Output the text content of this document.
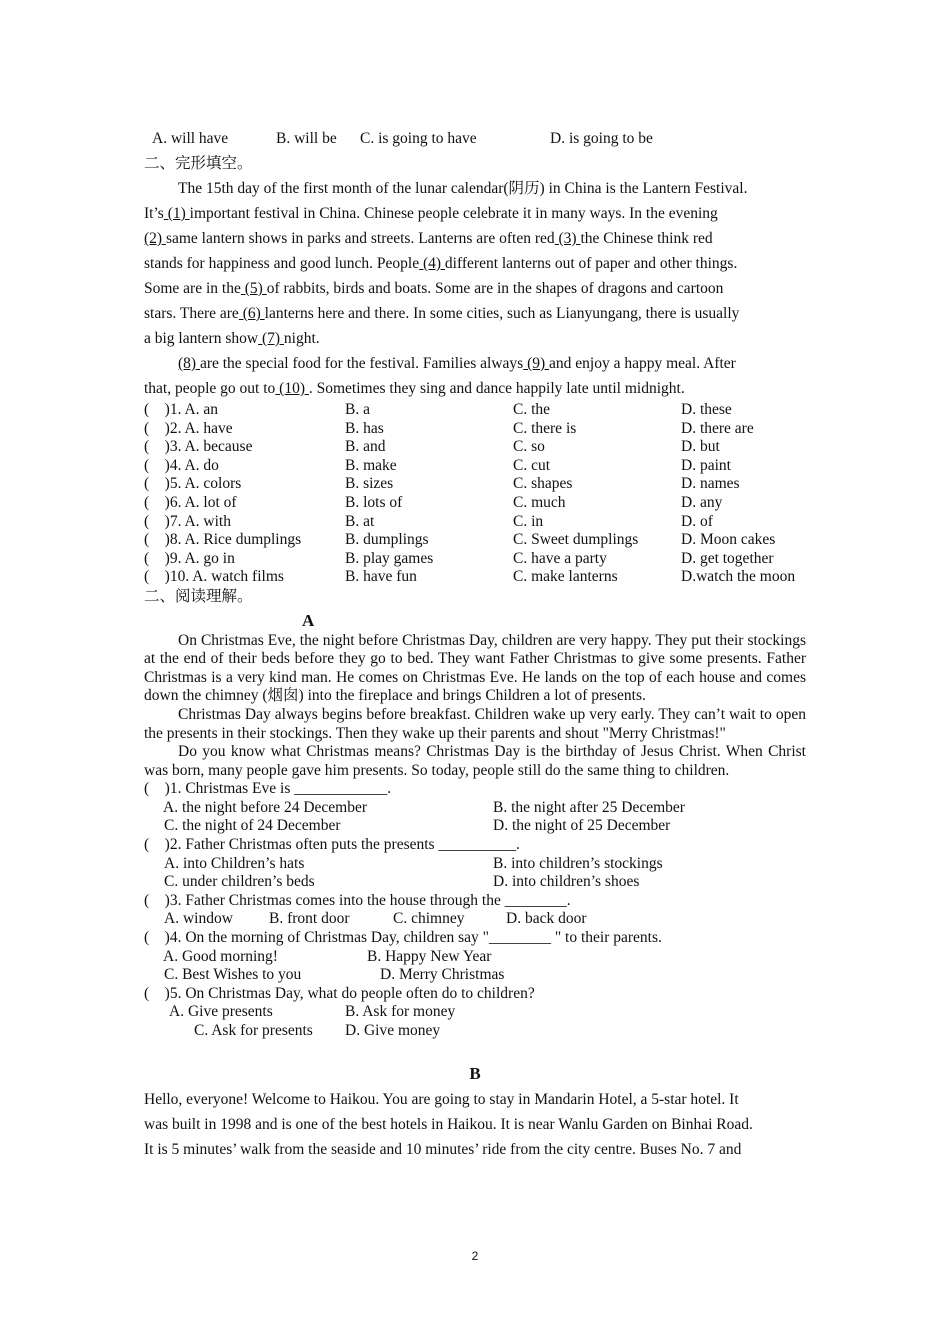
A. will have	B. will be C. is going to have	D. is going to be
二、完形填空。
The 15th day of the first month of the lunar calendar(阴历) in China is the Lantern Festival.
It’s (1) important festival in China. Chinese people celebrate it in many ways. In the evening
(2) same lantern shows in parks and streets. Lanterns are often red (3) the Chinese think red
stands for happiness and good lunch. People (4) different lanterns out of paper and other things.
Some are in the (5) of rabbits, birds and boats. Some are in the shapes of dragons and cartoon
stars. There are (6) lanterns here and there. In some cities, such as Lianyungang, there is usually
a big lantern show (7) night.
(8) are the special food for the festival. Families always (9) and enjoy a happy meal. After
that, people go out to (10) . Sometimes they sing and dance happily late until midnight.
(　)1. A. an	B. a	C. the	D. these
(　)2. A. have	B. has	C. there is	D. there are
(　)3. A. because	B. and	C. so	D. but
(　)4. A. do	B. make	C. cut	D. paint
(　)5. A. colors	B. sizes	C. shapes	D. names
(　)6. A. lot of	B. lots of	C. much	D. any
(　)7. A. with	B. at	C. in	D. of
(　)8. A. Rice dumplings	B. dumplings	C. Sweet dumplings	D. Moon cakes
(　)9. A. go in	B. play games	C. have a party	D. get together
(　)10. A. watch films	B. have fun	C. make lanterns	D.watch the moon
二、阅读理解。
A
On Christmas Eve, the night before Christmas Day, children are very happy. They put their stockings at the end of their beds before they go to bed. They want Father Christmas to give some presents. Father Christmas is a very kind man. He comes on Christmas Eve. He lands on the top of each house and comes down the chimney (烟囱) into the fireplace and brings Children a lot of presents.
Christmas Day always begins before breakfast. Children wake up very early. They can’t wait to open the presents in their stockings. Then they wake up their parents and shout "Merry Christmas!"
Do you know what Christmas means? Christmas Day is the birthday of Jesus Christ. When Christ was born, many people gave him presents. So today, people still do the same thing to children.
(　)1. Christmas Eve is ____________.
A. the night before 24 December	B. the night after 25 December
C. the night of 24 December	D. the night of 25 December
(　)2. Father Christmas often puts the presents __________.
A. into Children’s hats	B. into children’s stockings
C. under children’s beds	D. into children’s shoes
(　)3. Father Christmas comes into the house through the ________.
A. window B. front door	C. chimney	D. back door
(　)4. On the morning of Christmas Day, children say "________ " to their parents.
A. Good morning!	B. Happy New Year
C. Best Wishes to you	D. Merry Christmas
(　)5. On Christmas Day, what do people often do to children?
A. Give presents	B. Ask for money
C. Ask for presents D. Give money
B
Hello, everyone! Welcome to Haikou. You are going to stay in Mandarin Hotel, a 5-star hotel. It
was built in 1998 and is one of the best hotels in Haikou. It is near Wanlu Garden on Binhai Road.
It is 5 minutes’ walk from the seaside and 10 minutes’ ride from the city centre. Buses No. 7 and
2
